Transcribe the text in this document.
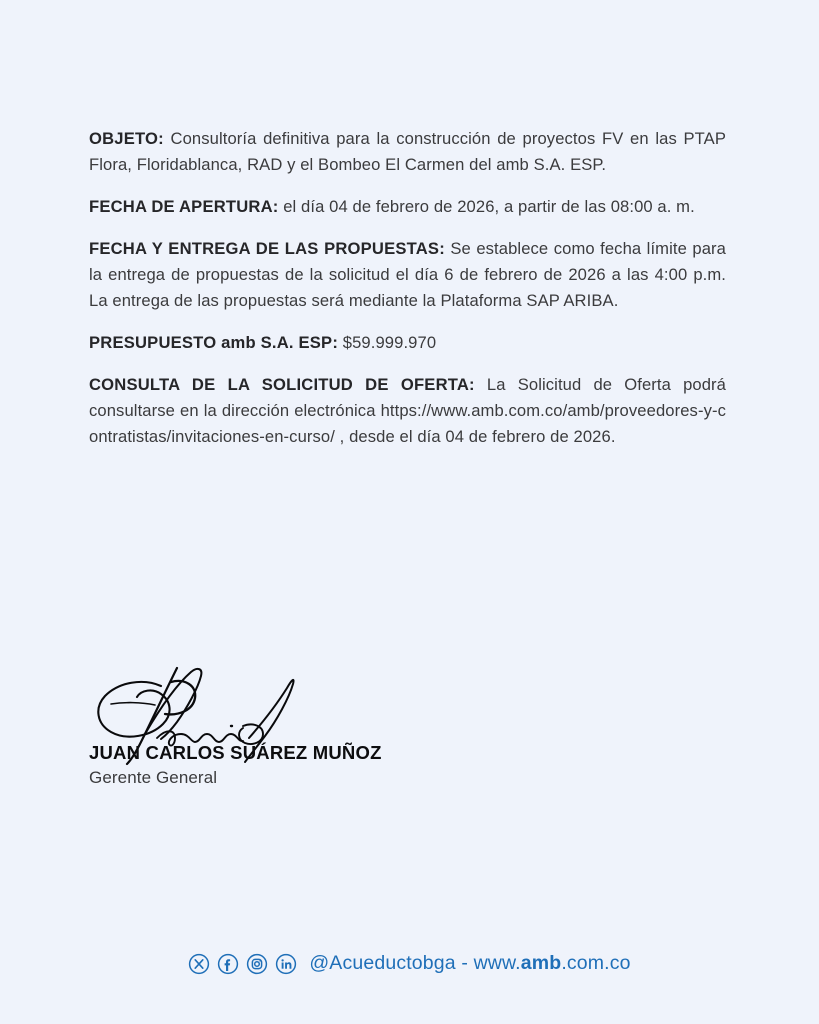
OBJETO: Consultoría definitiva para la construcción de proyectos FV en las PTAP Flora, Floridablanca, RAD y el Bombeo El Carmen del amb S.A. ESP.

FECHA DE APERTURA: el día 04 de febrero de 2026, a partir de las 08:00 a. m.

FECHA Y ENTREGA DE LAS PROPUESTAS: Se establece como fecha límite para la entrega de propuestas de la solicitud el día 6 de febrero de 2026 a las 4:00 p.m. La entrega de las propuestas será mediante la Plataforma SAP ARIBA.

PRESUPUESTO amb S.A. ESP: $59.999.970

CONSULTA DE LA SOLICITUD DE OFERTA: La Solicitud de Oferta podrá consultarse en la dirección electrónica https://www.amb.com.co/amb/proveedores-y-contratistas/invitaciones-en-curso/ , desde el día 04 de febrero de 2026.

JUAN CARLOS SUÁREZ MUÑOZ
Gerente General
@Acueductobga - www.amb.com.co
